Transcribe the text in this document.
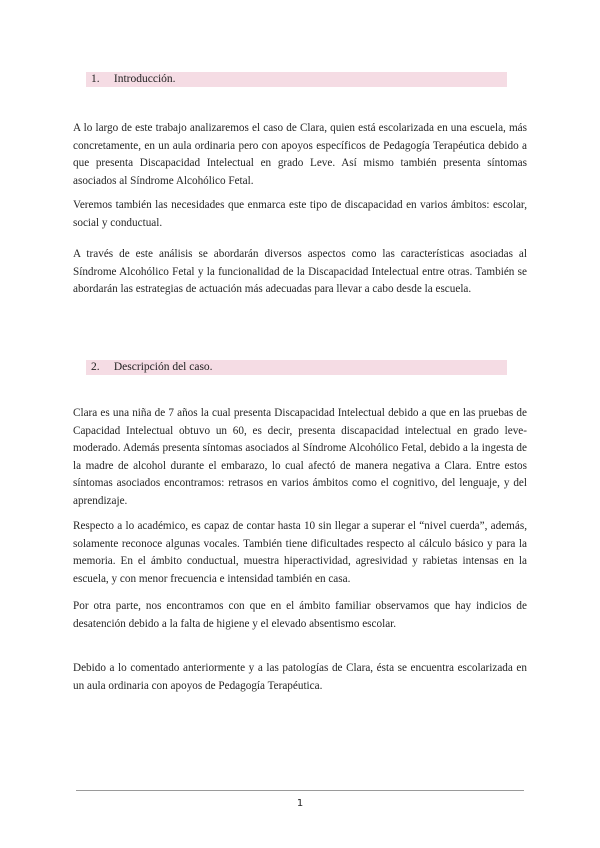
1. Introducción.

A lo largo de este trabajo analizaremos el caso de Clara, quien está escolarizada en una escuela, más concretamente, en un aula ordinaria pero con apoyos específicos de Pedagogía Terapéutica debido a que presenta Discapacidad Intelectual en grado Leve. Así mismo también presenta síntomas asociados al Síndrome Alcohólico Fetal.

Veremos también las necesidades que enmarca este tipo de discapacidad en varios ámbitos: escolar, social y conductual.

A través de este análisis se abordarán diversos aspectos como las características asociadas al Síndrome Alcohólico Fetal y la funcionalidad de la Discapacidad Intelectual entre otras. También se abordarán las estrategias de actuación más adecuadas para llevar a cabo desde la escuela.

2. Descripción del caso.

Clara es una niña de 7 años la cual presenta Discapacidad Intelectual debido a que en las pruebas de Capacidad Intelectual obtuvo un 60, es decir, presenta discapacidad intelectual en grado leve-moderado. Además presenta síntomas asociados al Síndrome Alcohólico Fetal, debido a la ingesta de la madre de alcohol durante el embarazo, lo cual afectó de manera negativa a Clara. Entre estos síntomas asociados encontramos: retrasos en varios ámbitos como el cognitivo, del lenguaje, y del aprendizaje.

Respecto a lo académico, es capaz de contar hasta 10 sin llegar a superar el “nivel cuerda”, además, solamente reconoce algunas vocales. También tiene dificultades respecto al cálculo básico y para la memoria. En el ámbito conductual, muestra hiperactividad, agresividad y rabietas intensas en la escuela, y con menor frecuencia e intensidad también en casa.

Por otra parte, nos encontramos con que en el ámbito familiar observamos que hay indicios de desatención debido a la falta de higiene y el elevado absentismo escolar.

Debido a lo comentado anteriormente y a las patologías de Clara, ésta se encuentra escolarizada en un aula ordinaria con apoyos de Pedagogía Terapéutica.

1
